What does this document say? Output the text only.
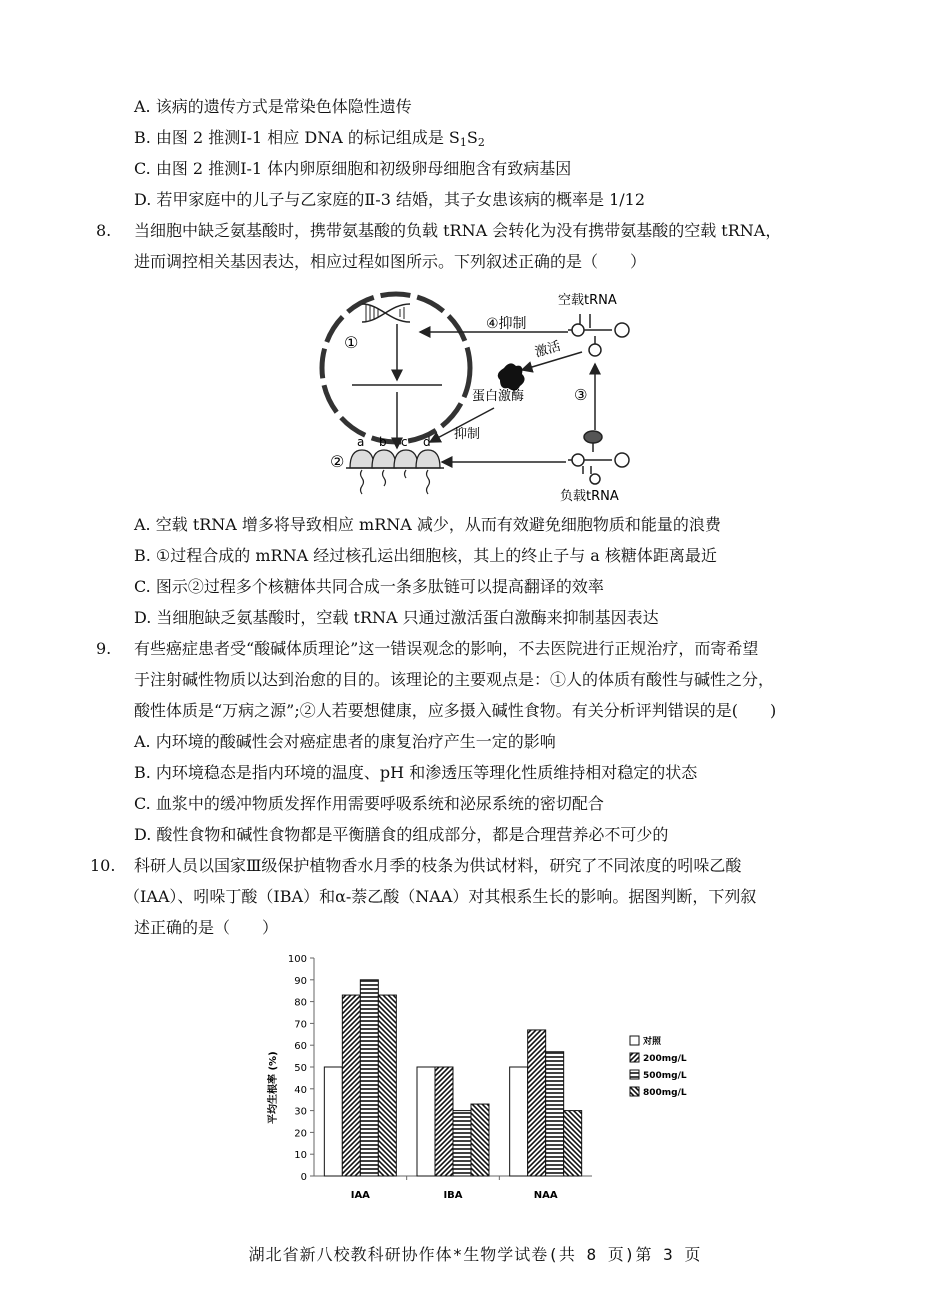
A. 该病的遗传方式是常染色体隐性遗传
B. 由图 2 推测Ⅰ-1 相应 DNA 的标记组成是 $S_1S_2$
C. 由图 2 推测Ⅰ-1 体内卵原细胞和初级卵母细胞含有致病基因
D. 若甲家庭中的儿子与乙家庭的Ⅱ-3 结婚，其子女患该病的概率是 1/12
8. 当细胞中缺乏氨基酸时，携带氨基酸的负载 tRNA 会转化为没有携带氨基酸的空载 tRNA，
进而调控相关基因表达，相应过程如图所示。下列叙述正确的是（　　）
①
④抑制
空载tRNA
激活
蛋白激酶
抑制
③
负载tRNA
②
a b c d
A. 空载 tRNA 增多将导致相应 mRNA 减少，从而有效避免细胞物质和能量的浪费
B. ①过程合成的 mRNA 经过核孔运出细胞核，其上的终止子与 a 核糖体距离最近
C. 图示②过程多个核糖体共同合成一条多肽链可以提高翻译的效率
D. 当细胞缺乏氨基酸时，空载 tRNA 只通过激活蛋白激酶来抑制基因表达
9. 有些癌症患者受“酸碱体质理论”这一错误观念的影响，不去医院进行正规治疗，而寄希望
于注射碱性物质以达到治愈的目的。该理论的主要观点是：①人的体质有酸性与碱性之分，
酸性体质是“万病之源”;②人若要想健康，应多摄入碱性食物。有关分析评判错误的是(　　)
A. 内环境的酸碱性会对癌症患者的康复治疗产生一定的影响
B. 内环境稳态是指内环境的温度、pH 和渗透压等理化性质维持相对稳定的状态
C. 血浆中的缓冲物质发挥作用需要呼吸系统和泌尿系统的密切配合
D. 酸性食物和碱性食物都是平衡膳食的组成部分，都是合理营养必不可少的
10. 科研人员以国家Ⅲ级保护植物香水月季的枝条为供试材料，研究了不同浓度的吲哚乙酸
（IAA）、吲哚丁酸（IBA）和α-萘乙酸（NAA）对其根系生长的影响。据图判断，下列叙
述正确的是（　　）
平均生根率 (%)
0
10
20
30
40
50
60
70
80
90
100
IAA	IBA	NAA
对照
200mg/L
500mg/L
800mg/L
湖北省新八校教科研协作体*生物学试卷(共 8 页)第 3 页
